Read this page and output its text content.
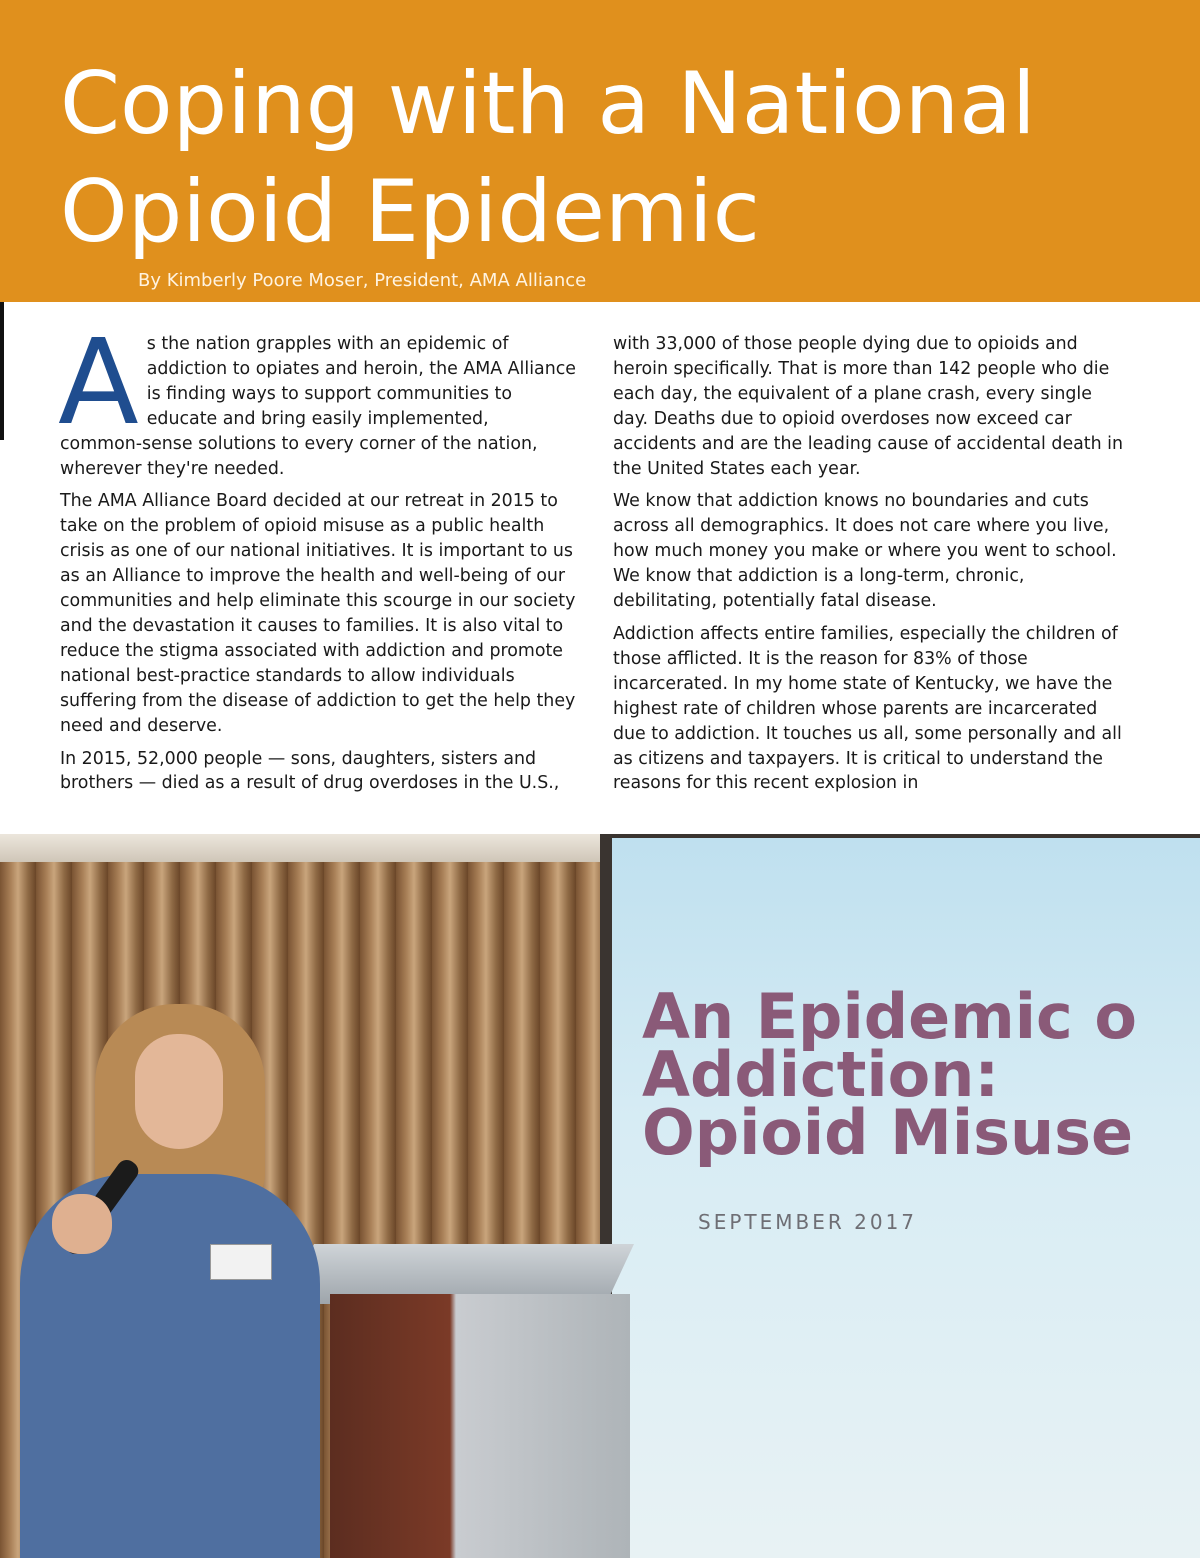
Coping with a National
Opioid Epidemic
By Kimberly Poore Moser, President, AMA Alliance

As the nation grapples with an epidemic of addiction to opiates and heroin, the AMA Alliance is finding ways to support communities to educate and bring easily implemented, common-sense solutions to every corner of the nation, wherever they're needed.

The AMA Alliance Board decided at our retreat in 2015 to take on the problem of opioid misuse as a public health crisis as one of our national initiatives. It is important to us as an Alliance to improve the health and well-being of our communities and help eliminate this scourge in our society and the devastation it causes to families. It is also vital to reduce the stigma associated with addiction and promote national best-practice standards to allow individuals suffering from the disease of addiction to get the help they need and deserve.

In 2015, 52,000 people — sons, daughters, sisters and brothers — died as a result of drug overdoses in the U.S.,

with 33,000 of those people dying due to opioids and heroin specifically. That is more than 142 people who die each day, the equivalent of a plane crash, every single day. Deaths due to opioid overdoses now exceed car accidents and are the leading cause of accidental death in the United States each year.

We know that addiction knows no boundaries and cuts across all demographics. It does not care where you live, how much money you make or where you went to school. We know that addiction is a long-term, chronic, debilitating, potentially fatal disease.

Addiction affects entire families, especially the children of those afflicted. It is the reason for 83% of those incarcerated. In my home state of Kentucky, we have the highest rate of children whose parents are incarcerated due to addiction. It touches us all, some personally and all as citizens and taxpayers. It is critical to understand the reasons for this recent explosion in

An Epidemic o
Addiction:
Opioid Misuse
SEPTEMBER 2017
